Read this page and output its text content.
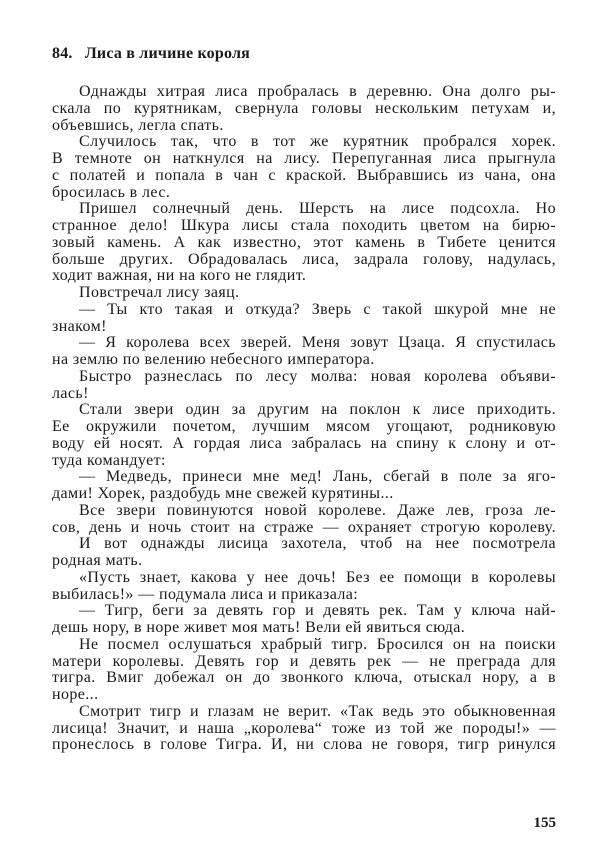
84. Лиса в личине короля
Однажды хитрая лиса пробралась в деревню. Она долго ры-
скала по курятникам, свернула головы нескольким петухам и,
объевшись, легла спать.
Случилось так, что в тот же курятник пробрался хорек.
В темноте он наткнулся на лису. Перепуганная лиса прыгнула
с полатей и попала в чан с краской. Выбравшись из чана, она
бросилась в лес.
Пришел солнечный день. Шерсть на лисе подсохла. Но
странное дело! Шкура лисы стала походить цветом на бирю-
зовый камень. А как известно, этот камень в Тибете ценится
больше других. Обрадовалась лиса, задрала голову, надулась,
ходит важная, ни на кого не глядит.
Повстречал лису заяц.
— Ты кто такая и откуда? Зверь с такой шкурой мне не
знаком!
— Я королева всех зверей. Меня зовут Цзаца. Я спустилась
на землю по велению небесного императора.
Быстро разнеслась по лесу молва: новая королева объяви-
лась!
Стали звери один за другим на поклон к лисе приходить.
Ее окружили почетом, лучшим мясом угощают, родниковую
воду ей носят. А гордая лиса забралась на спину к слону и от-
туда командует:
— Медведь, принеси мне мед! Лань, сбегай в поле за яго-
дами! Хорек, раздобудь мне свежей курятины...
Все звери повинуются новой королеве. Даже лев, гроза ле-
сов, день и ночь стоит на страже — охраняет строгую королеву.
И вот однажды лисица захотела, чтоб на нее посмотрела
родная мать.
«Пусть знает, какова у нее дочь! Без ее помощи в королевы
выбилась!» — подумала лиса и приказала:
— Тигр, беги за девять гор и девять рек. Там у ключа най-
дешь нору, в норе живет моя мать! Вели ей явиться сюда.
Не посмел ослушаться храбрый тигр. Бросился он на поиски
матери королевы. Девять гор и девять рек — не преграда для
тигра. Вмиг добежал он до звонкого ключа, отыскал нору, а в
норе...
Смотрит тигр и глазам не верит. «Так ведь это обыкновенная
лисица! Значит, и наша „королева“ тоже из той же породы!» —
пронеслось в голове Тигра. И, ни слова не говоря, тигр ринулся
155
